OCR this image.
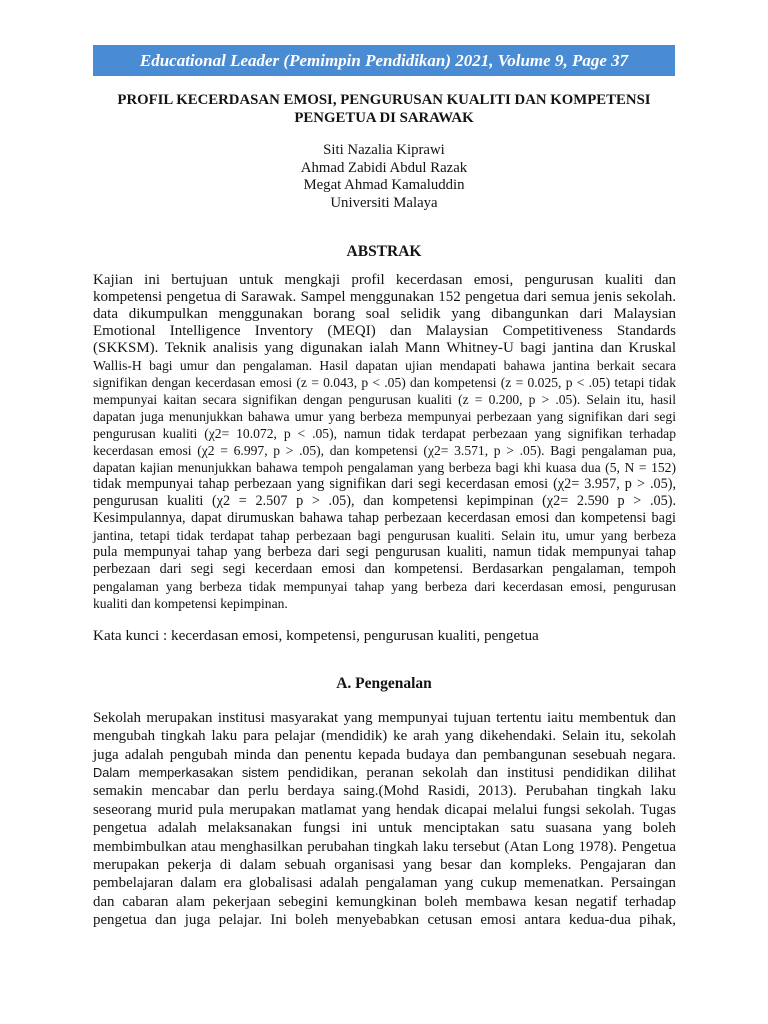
Educational Leader (Pemimpin Pendidikan) 2021, Volume 9, Page 37
PROFIL KECERDASAN EMOSI, PENGURUSAN KUALITI DAN KOMPETENSI
PENGETUA DI SARAWAK
Siti Nazalia Kiprawi
Ahmad Zabidi Abdul Razak
Megat Ahmad Kamaluddin
Universiti Malaya
ABSTRAK
Kajian ini bertujuan untuk mengkaji profil kecerdasan emosi, pengurusan kualiti dan
kompetensi pengetua di Sarawak. Sampel menggunakan 152 pengetua dari semua jenis sekolah.
data dikumpulkan menggunakan borang soal selidik yang dibangunkan dari Malaysian
Emotional Intelligence Inventory (MEQI) dan Malaysian Competitiveness Standards
(SKKSM). Teknik analisis yang digunakan ialah Mann Whitney-U bagi jantina dan Kruskal
Wallis-H bagi umur dan pengalaman. Hasil dapatan ujian mendapati bahawa jantina berkait secara
signifikan dengan kecerdasan emosi (z = 0.043, p < .05) dan kompetensi (z = 0.025, p < .05) tetapi tidak
mempunyai kaitan secara signifikan dengan pengurusan kualiti (z = 0.200, p > .05). Selain itu, hasil
dapatan juga menunjukkan bahawa umur yang berbeza mempunyai perbezaan yang signifikan dari segi
pengurusan kualiti (χ2= 10.072, p < .05), namun tidak terdapat perbezaan yang signifikan terhadap
kecerdasan emosi (χ2 = 6.997, p > .05), dan kompetensi (χ2= 3.571, p > .05). Bagi pengalaman pua,
dapatan kajian menunjukkan bahawa tempoh pengalaman yang berbeza bagi khi kuasa dua (5, N = 152)
tidak mempunyai tahap perbezaan yang signifikan dari segi kecerdasan emosi (χ2= 3.957, p > .05),
pengurusan kualiti (χ2 = 2.507 p > .05), dan kompetensi kepimpinan (χ2= 2.590 p > .05).
Kesimpulannya, dapat dirumuskan bahawa tahap perbezaan kecerdasan emosi dan kompetensi bagi
jantina, tetapi tidak terdapat tahap perbezaan bagi pengurusan kualiti. Selain itu, umur yang berbeza
pula mempunyai tahap yang berbeza dari segi pengurusan kualiti, namun tidak mempunyai tahap
perbezaan dari segi segi kecerdaan emosi dan kompetensi. Berdasarkan pengalaman, tempoh
pengalaman yang berbeza tidak mempunyai tahap yang berbeza dari kecerdasan emosi, pengurusan
kualiti dan kompetensi kepimpinan.
Kata kunci : kecerdasan emosi, kompetensi, pengurusan kualiti, pengetua
A. Pengenalan
Sekolah merupakan institusi masyarakat yang mempunyai tujuan tertentu iaitu membentuk dan
mengubah tingkah laku para pelajar (mendidik) ke arah yang dikehendaki. Selain itu, sekolah
juga adalah pengubah minda dan penentu kepada budaya dan pembangunan sesebuah negara.
Dalam memperkasakan sistem pendidikan, peranan sekolah dan institusi pendidikan dilihat
semakin mencabar dan perlu berdaya saing.(Mohd Rasidi, 2013). Perubahan tingkah laku
seseorang murid pula merupakan matlamat yang hendak dicapai melalui fungsi sekolah. Tugas
pengetua adalah melaksanakan fungsi ini untuk menciptakan satu suasana yang boleh
membimbulkan atau menghasilkan perubahan tingkah laku tersebut (Atan Long 1978). Pengetua
merupakan pekerja di dalam sebuah organisasi yang besar dan kompleks. Pengajaran dan
pembelajaran dalam era globalisasi adalah pengalaman yang cukup memenatkan. Persaingan
dan cabaran alam pekerjaan sebegini kemungkinan boleh membawa kesan negatif terhadap
pengetua dan juga pelajar. Ini boleh menyebabkan cetusan emosi antara kedua-dua pihak,
